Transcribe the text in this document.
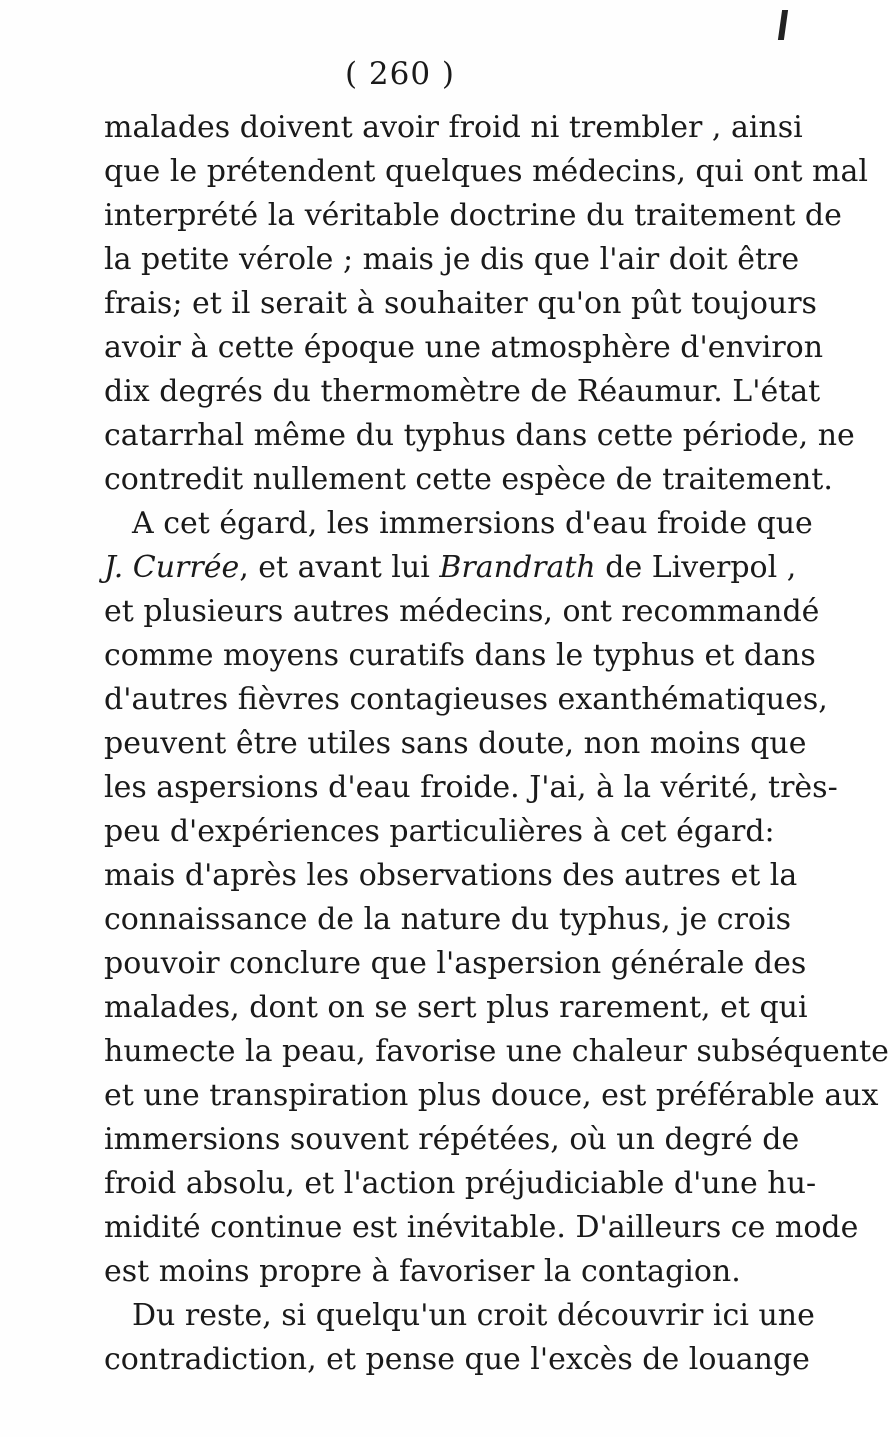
( 260 )
malades doivent avoir froid ni trembler , ainsi
que le prétendent quelques médecins, qui ont mal
interprété la véritable doctrine du traitement de
la petite vérole ; mais je dis que l'air doit être
frais; et il serait à souhaiter qu'on pût toujours
avoir à cette époque une atmosphère d'environ
dix degrés du thermomètre de Réaumur. L'état
catarrhal même du typhus dans cette période, ne
contredit nullement cette espèce de traitement.
A cet égard, les immersions d'eau froide que
J. Currée, et avant lui Brandrath de Liverpol ,
et plusieurs autres médecins, ont recommandé
comme moyens curatifs dans le typhus et dans
d'autres fièvres contagieuses exanthématiques,
peuvent être utiles sans doute, non moins que
les aspersions d'eau froide. J'ai, à la vérité, très-
peu d'expériences particulières à cet égard:
mais d'après les observations des autres et la
connaissance de la nature du typhus, je crois
pouvoir conclure que l'aspersion générale des
malades, dont on se sert plus rarement, et qui
humecte la peau, favorise une chaleur subséquente
et une transpiration plus douce, est préférable aux
immersions souvent répétées, où un degré de
froid absolu, et l'action préjudiciable d'une hu-
midité continue est inévitable. D'ailleurs ce mode
est moins propre à favoriser la contagion.
Du reste, si quelqu'un croit découvrir ici une
contradiction, et pense que l'excès de louange
